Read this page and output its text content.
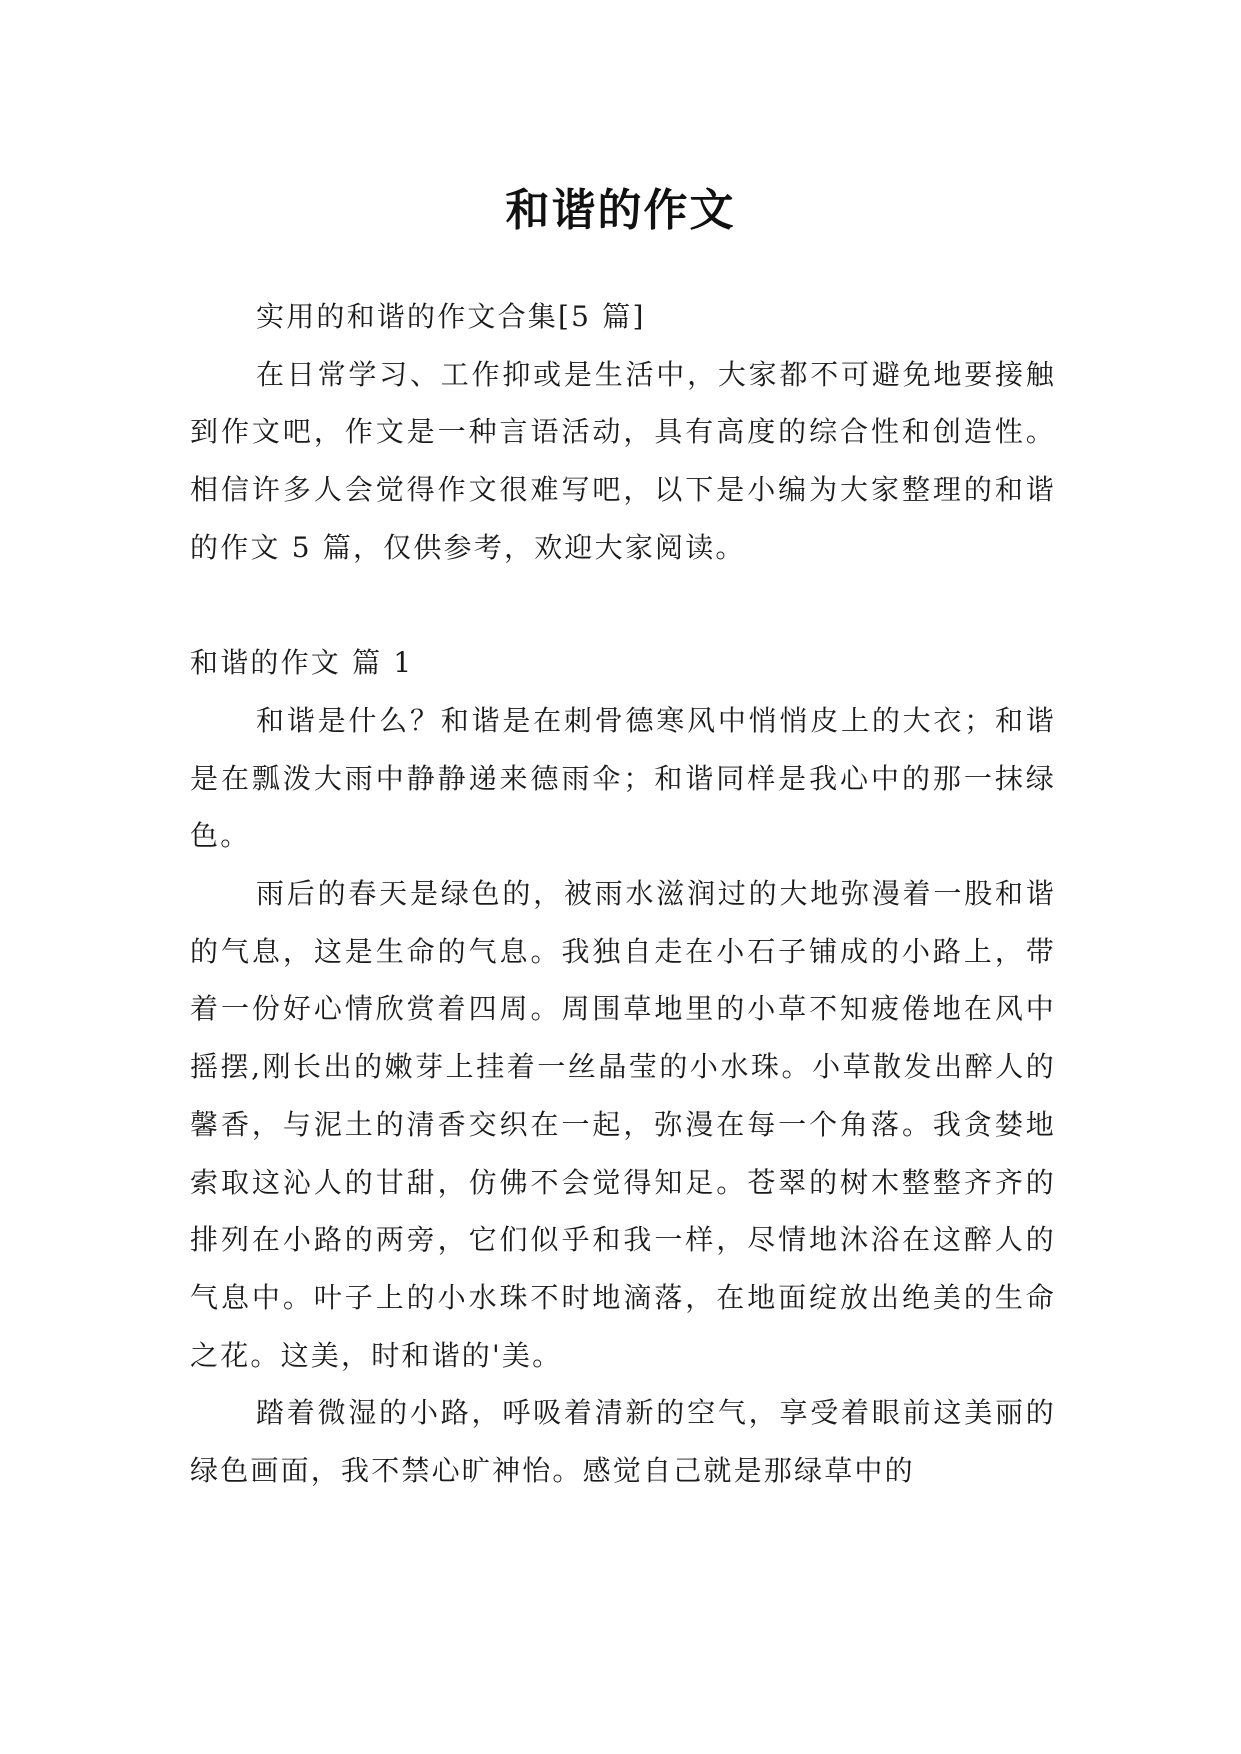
和谐的作文

实用的和谐的作文合集[5 篇]

在日常学习、工作抑或是生活中，大家都不可避免地要接触到作文吧，作文是一种言语活动，具有高度的综合性和创造性。相信许多人会觉得作文很难写吧，以下是小编为大家整理的和谐的作文 5 篇，仅供参考，欢迎大家阅读。

和谐的作文 篇 1

和谐是什么？和谐是在刺骨德寒风中悄悄皮上的大衣；和谐是在瓢泼大雨中静静递来德雨伞；和谐同样是我心中的那一抹绿色。

雨后的春天是绿色的，被雨水滋润过的大地弥漫着一股和谐的气息，这是生命的气息。我独自走在小石子铺成的小路上，带着一份好心情欣赏着四周。周围草地里的小草不知疲倦地在风中摇摆,刚长出的嫩芽上挂着一丝晶莹的小水珠。小草散发出醉人的馨香，与泥土的清香交织在一起，弥漫在每一个角落。我贪婪地索取这沁人的甘甜，仿佛不会觉得知足。苍翠的树木整整齐齐的排列在小路的两旁，它们似乎和我一样，尽情地沐浴在这醉人的气息中。叶子上的小水珠不时地滴落，在地面绽放出绝美的生命之花。这美，时和谐的'美。

踏着微湿的小路，呼吸着清新的空气，享受着眼前这美丽的绿色画面，我不禁心旷神怡。感觉自己就是那绿草中的
